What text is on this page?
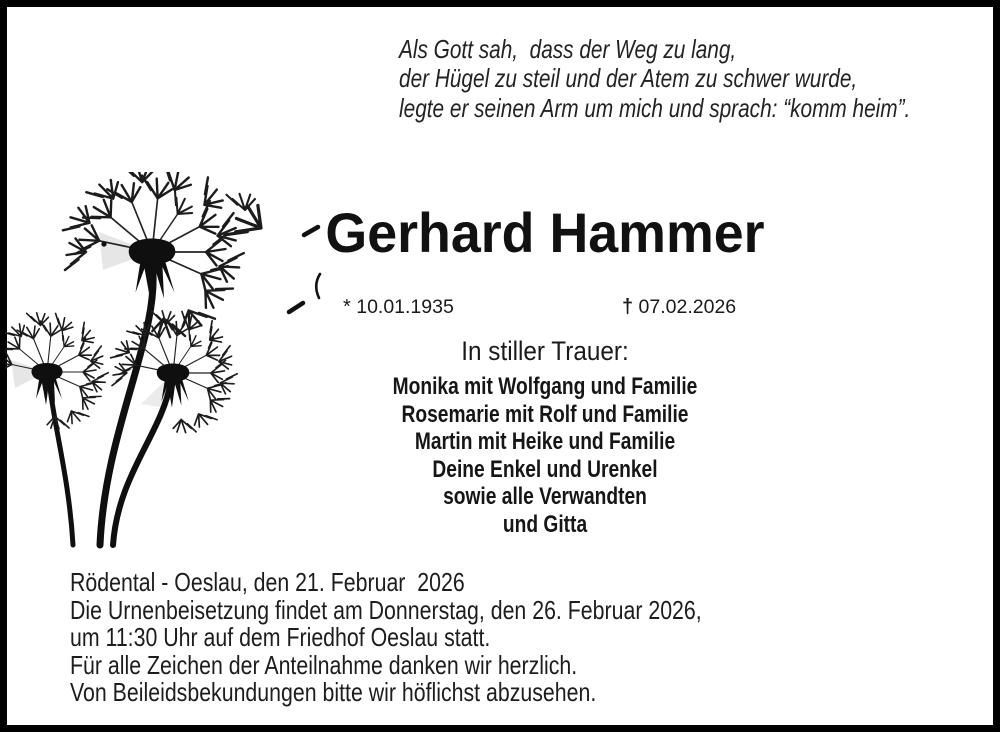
Als Gott sah,  dass der Weg zu lang,
der Hügel zu steil und der Atem zu schwer wurde,
legte er seinen Arm um mich und sprach: “komm heim”.
Gerhard Hammer
* 10.01.1935	† 07.02.2026
In stiller Trauer:
Monika mit Wolfgang und Familie
Rosemarie mit Rolf und Familie
Martin mit Heike und Familie
Deine Enkel und Urenkel
sowie alle Verwandten
und Gitta
Rödental - Oeslau, den 21. Februar  2026
Die Urnenbeisetzung findet am Donnerstag, den 26. Februar 2026,
um 11:30 Uhr auf dem Friedhof Oeslau statt.
Für alle Zeichen der Anteilnahme danken wir herzlich.
Von Beileidsbekundungen bitte wir höflichst abzusehen.
